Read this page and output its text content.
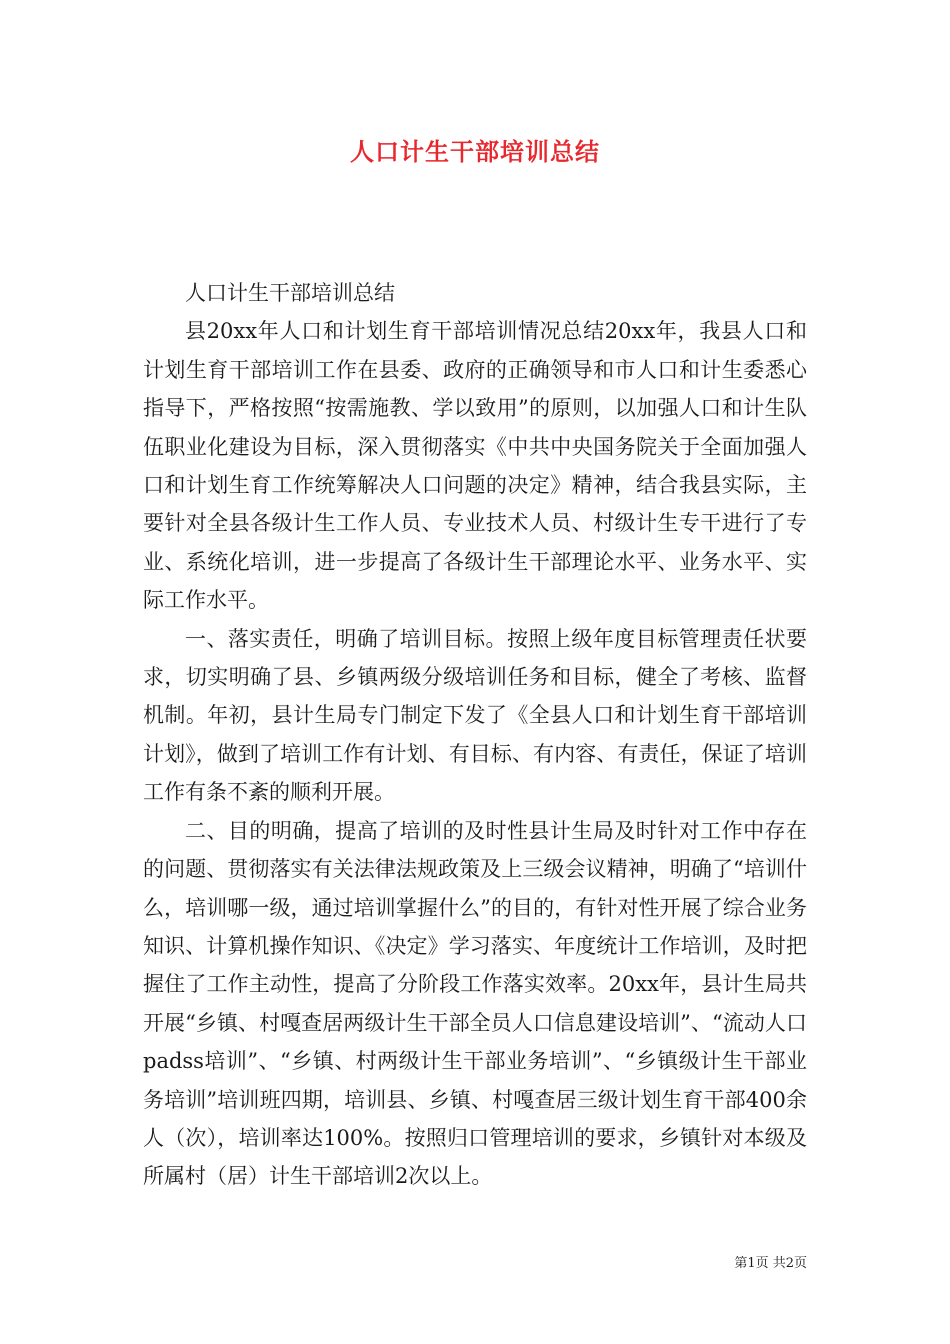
人口计生干部培训总结

人口计生干部培训总结

县20xx年人口和计划生育干部培训情况总结20xx年，我县人口和计划生育干部培训工作在县委、政府的正确领导和市人口和计生委悉心指导下，严格按照“按需施教、学以致用”的原则，以加强人口和计生队伍职业化建设为目标，深入贯彻落实《中共中央国务院关于全面加强人口和计划生育工作统筹解决人口问题的决定》精神，结合我县实际，主要针对全县各级计生工作人员、专业技术人员、村级计生专干进行了专业、系统化培训，进一步提高了各级计生干部理论水平、业务水平、实际工作水平。

一、落实责任，明确了培训目标。按照上级年度目标管理责任状要求，切实明确了县、乡镇两级分级培训任务和目标，健全了考核、监督机制。年初，县计生局专门制定下发了《全县人口和计划生育干部培训计划》，做到了培训工作有计划、有目标、有内容、有责任，保证了培训工作有条不紊的顺利开展。

二、目的明确，提高了培训的及时性县计生局及时针对工作中存在的问题、贯彻落实有关法律法规政策及上三级会议精神，明确了“培训什么，培训哪一级，通过培训掌握什么”的目的，有针对性开展了综合业务知识、计算机操作知识、《决定》学习落实、年度统计工作培训，及时把握住了工作主动性，提高了分阶段工作落实效率。20xx年，县计生局共开展“乡镇、村嘎查居两级计生干部全员人口信息建设培训”、“流动人口padss培训”、“乡镇、村两级计生干部业务培训”、“乡镇级计生干部业务培训”培训班四期，培训县、乡镇、村嘎查居三级计划生育干部400余人（次），培训率达100%。按照归口管理培训的要求，乡镇针对本级及所属村（居）计生干部培训2次以上。

第1页 共2页
